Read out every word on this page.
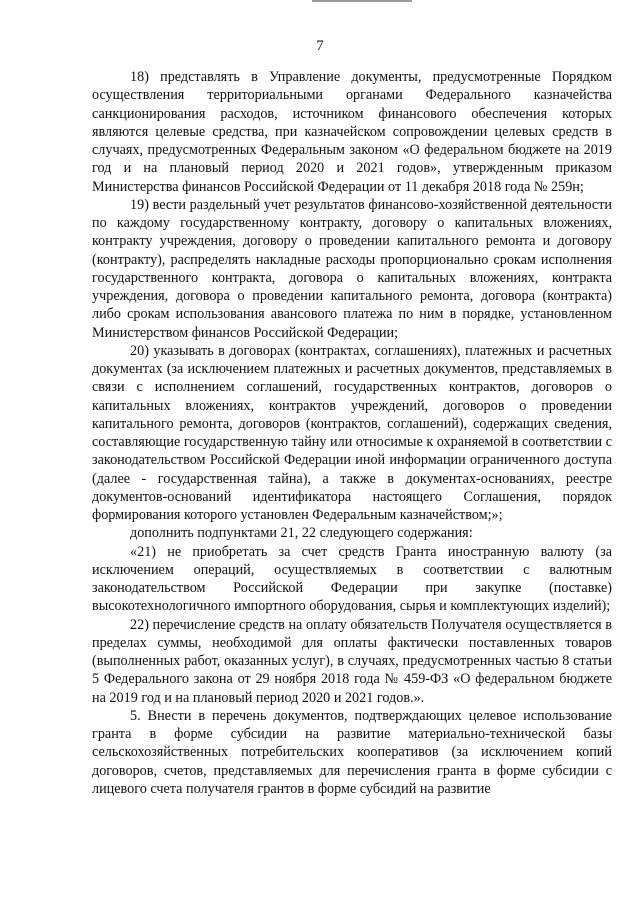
7

18) представлять в Управление документы, предусмотренные Порядком осуществления территориальными органами Федерального казначейства санкционирования расходов, источником финансового обеспечения которых являются целевые средства, при казначейском сопровождении целевых средств в случаях, предусмотренных Федеральным законом «О федеральном бюджете на 2019 год и на плановый период 2020 и 2021 годов», утвержденным приказом Министерства финансов Российской Федерации от 11 декабря 2018 года № 259н;

19) вести раздельный учет результатов финансово-хозяйственной деятельности по каждому государственному контракту, договору о капитальных вложениях, контракту учреждения, договору о проведении капитального ремонта и договору (контракту), распределять накладные расходы пропорционально срокам исполнения государственного контракта, договора о капитальных вложениях, контракта учреждения, договора о проведении капитального ремонта, договора (контракта) либо срокам использования авансового платежа по ним в порядке, установленном Министерством финансов Российской Федерации;

20) указывать в договорах (контрактах, соглашениях), платежных и расчетных документах (за исключением платежных и расчетных документов, представляемых в связи с исполнением соглашений, государственных контрактов, договоров о капитальных вложениях, контрактов учреждений, договоров о проведении капитального ремонта, договоров (контрактов, соглашений), содержащих сведения, составляющие государственную тайну или относимые к охраняемой в соответствии с законодательством Российской Федерации иной информации ограниченного доступа (далее - государственная тайна), а также в документах-основаниях, реестре документов-оснований идентификатора настоящего Соглашения, порядок формирования которого установлен Федеральным казначейством;»;

дополнить подпунктами 21, 22 следующего содержания:

«21) не приобретать за счет средств Гранта иностранную валюту (за исключением операций, осуществляемых в соответствии с валютным законодательством Российской Федерации при закупке (поставке) высокотехнологичного импортного оборудования, сырья и комплектующих изделий);

22) перечисление средств на оплату обязательств Получателя осуществляется в пределах суммы, необходимой для оплаты фактически поставленных товаров (выполненных работ, оказанных услуг), в случаях, предусмотренных частью 8 статьи 5 Федерального закона от 29 ноября 2018 года № 459-ФЗ «О федеральном бюджете на 2019 год и на плановый период 2020 и 2021 годов.».

5. Внести в перечень документов, подтверждающих целевое использование гранта в форме субсидии на развитие материально-технической базы сельскохозяйственных потребительских кооперативов (за исключением копий договоров, счетов, представляемых для перечисления гранта в форме субсидии с лицевого счета получателя грантов в форме субсидий на развитие
